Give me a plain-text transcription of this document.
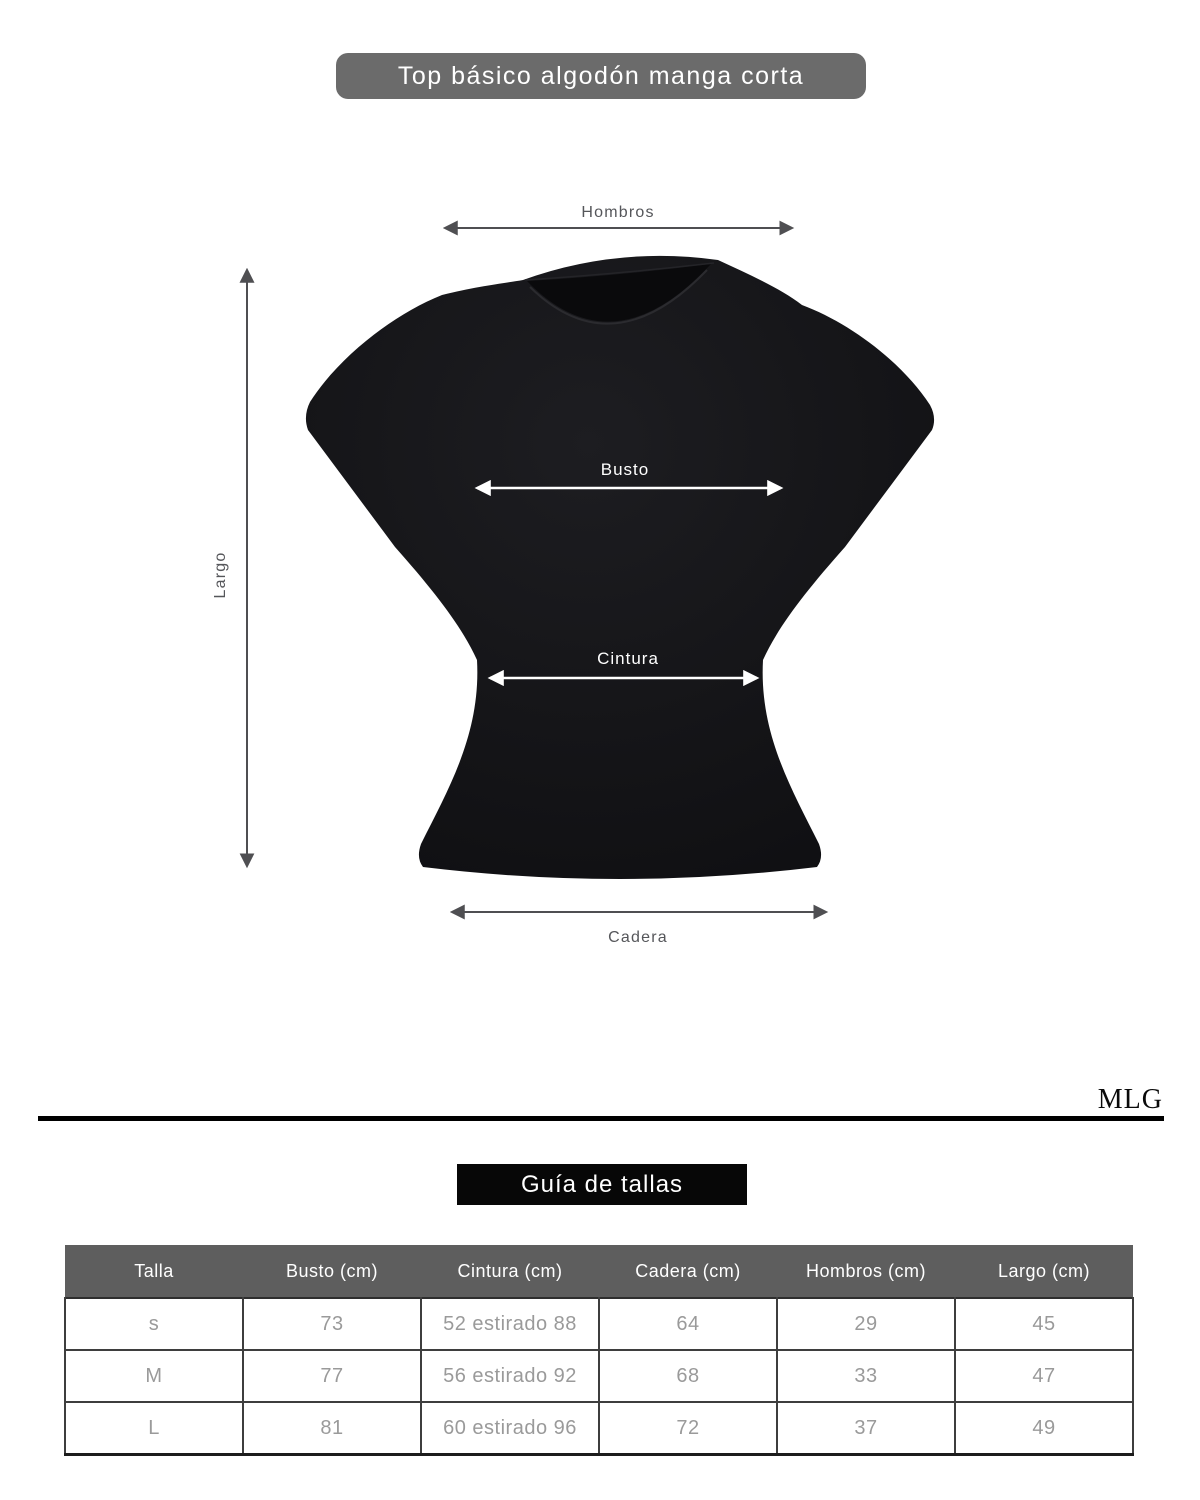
Top básico algodón manga corta
Hombros
Largo
Cadera
Busto
Cintura
MLG
Guía de tallas
Talla	Busto (cm)	Cintura (cm)	Cadera (cm)	Hombros (cm)	Largo (cm)
s	73	52 estirado 88	64	29	45
M	77	56 estirado 92	68	33	47
L	81	60 estirado 96	72	37	49
